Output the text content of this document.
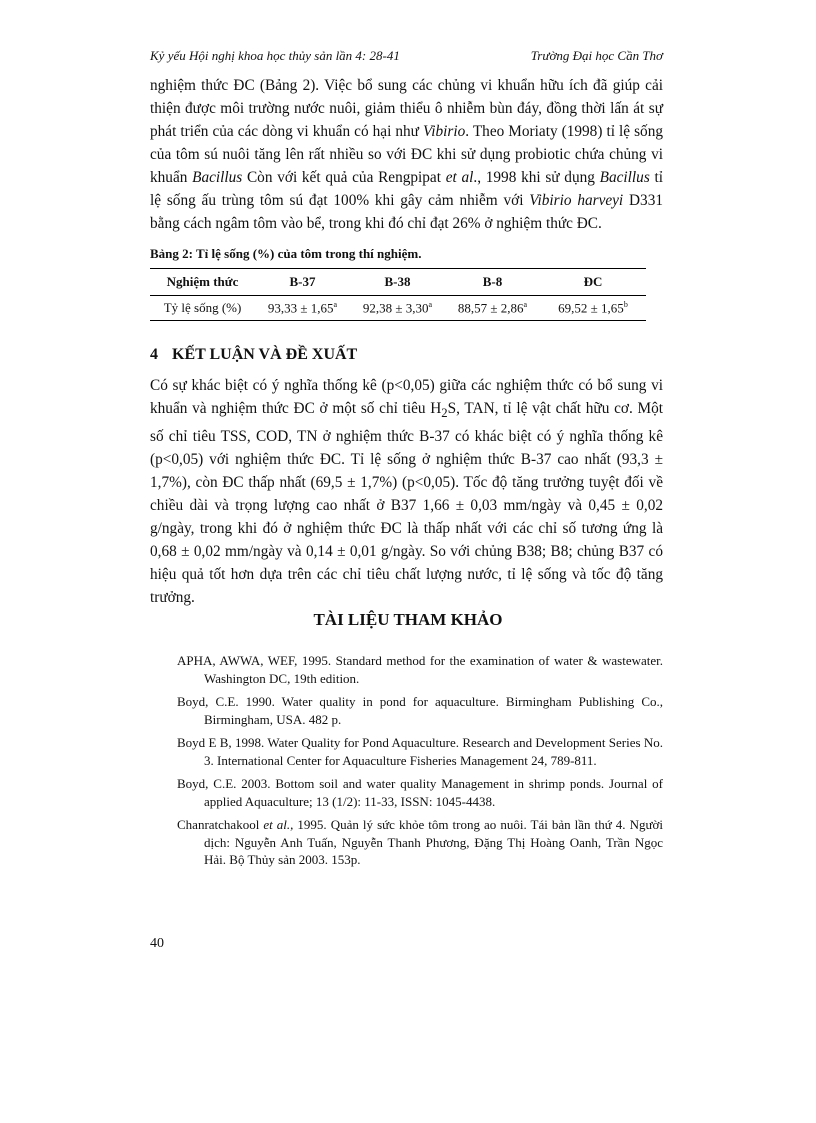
Kỷ yếu Hội nghị khoa học thủy sản lần 4: 28-41	Trường Đại học Cần Thơ

nghiệm thức ĐC (Bảng 2). Việc bổ sung các chủng vi khuẩn hữu ích đã giúp cải thiện được môi trường nước nuôi, giảm thiểu ô nhiễm bùn đáy, đồng thời lấn át sự phát triển của các dòng vi khuẩn có hại như Vibirio. Theo Moriaty (1998) tỉ lệ sống của tôm sú nuôi tăng lên rất nhiều so với ĐC khi sử dụng probiotic chứa chủng vi khuẩn Bacillus Còn với kết quả của Rengpipat et al., 1998 khi sử dụng Bacillus tỉ lệ sống ấu trùng tôm sú đạt 100% khi gây cảm nhiễm với Vibirio harveyi D331 bằng cách ngâm tôm vào bể, trong khi đó chỉ đạt 26% ở nghiệm thức ĐC.

Bảng 2: Tỉ lệ sống (%) của tôm trong thí nghiệm.

Nghiệm thức	B-37	B-38	B-8	ĐC
Tỷ lệ sống (%)	93,33 ± 1,65$^a$	92,38 ± 3,30$^a$	88,57 ± 2,86$^a$	69,52 ± 1,65$^b$
4 KẾT LUẬN VÀ ĐỀ XUẤT

Có sự khác biệt có ý nghĩa thống kê (p<0,05) giữa các nghiệm thức có bổ sung vi khuẩn và nghiệm thức ĐC ở một số chỉ tiêu $H_2S$, TAN, tỉ lệ vật chất hữu cơ. Một số chỉ tiêu TSS, COD, TN ở nghiệm thức B-37 có khác biệt có ý nghĩa thống kê (p<0,05) với nghiệm thức ĐC. Tỉ lệ sống ở nghiệm thức B-37 cao nhất (93,3 ± 1,7%), còn ĐC thấp nhất (69,5 ± 1,7%) (p<0,05). Tốc độ tăng trưởng tuyệt đối về chiều dài và trọng lượng cao nhất ở B37 1,66 ± 0,03 mm/ngày và 0,45 ± 0,02 g/ngày, trong khi đó ở nghiệm thức ĐC là thấp nhất với các chỉ số tương ứng là 0,68 ± 0,02 mm/ngày và 0,14 ± 0,01 g/ngày. So với chủng B38; B8; chủng B37 có hiệu quả tốt hơn dựa trên các chỉ tiêu chất lượng nước, tỉ lệ sống và tốc độ tăng trưởng.

TÀI LIỆU THAM KHẢO
APHA, AWWA, WEF, 1995. Standard method for the examination of water & wastewater. Washington DC, 19th edition.
Boyd, C.E. 1990. Water quality in pond for aquaculture. Birmingham Publishing Co., Birmingham, USA. 482 p.
Boyd E B, 1998. Water Quality for Pond Aquaculture. Research and Development Series No. 3. International Center for Aquaculture Fisheries Management 24, 789-811.
Boyd, C.E. 2003. Bottom soil and water quality Management in shrimp ponds. Journal of applied Aquaculture; 13 (1/2): 11-33, ISSN: 1045-4438.
Chanratchakool et al., 1995. Quản lý sức khỏe tôm trong ao nuôi. Tái bản lần thứ 4. Người dịch: Nguyễn Anh Tuấn, Nguyễn Thanh Phương, Đặng Thị Hoàng Oanh, Trần Ngọc Hải. Bộ Thủy sản 2003. 153p.
40
